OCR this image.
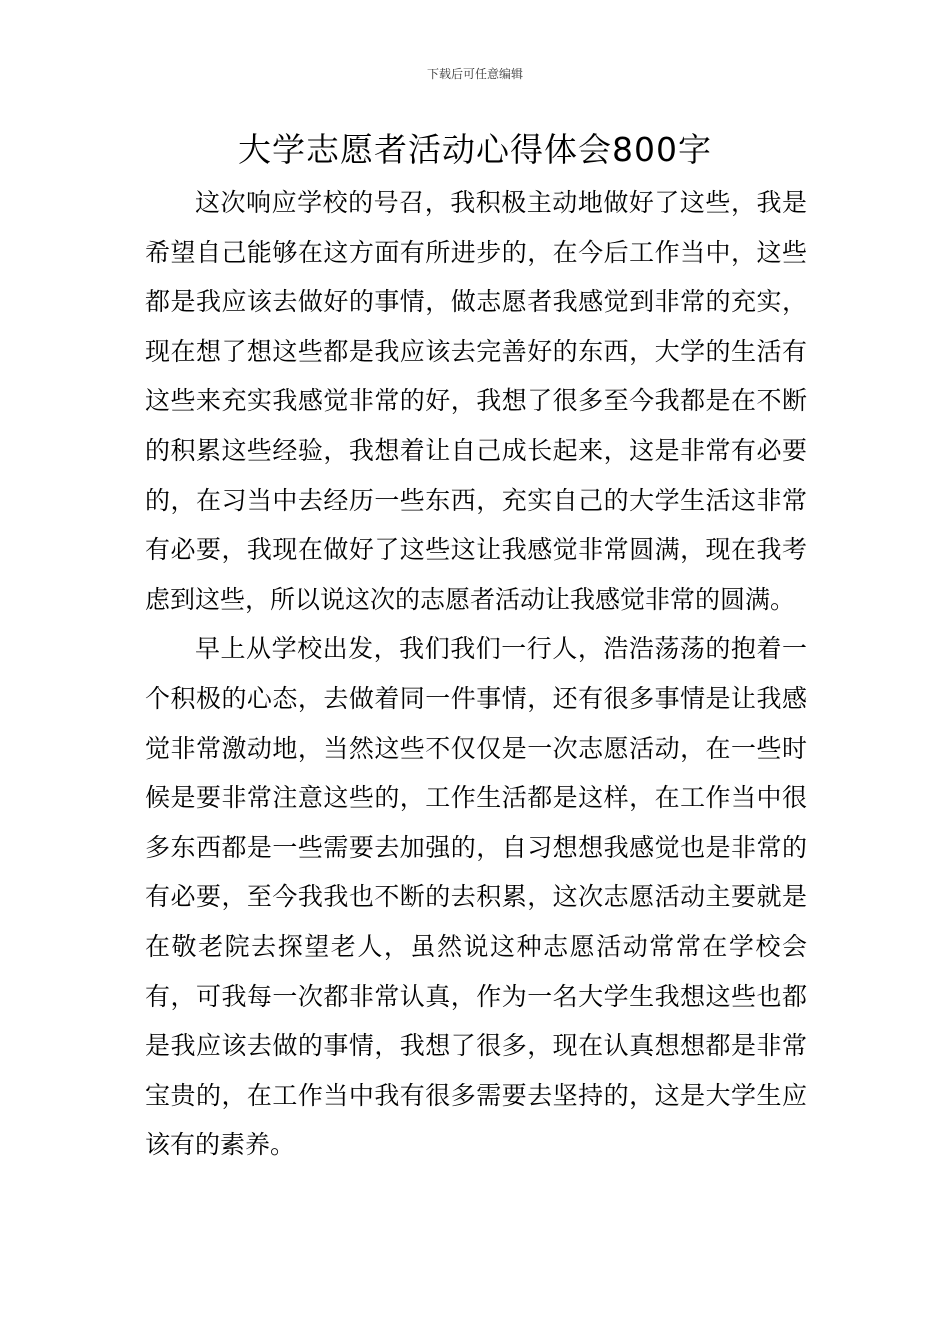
下载后可任意编辑
大学志愿者活动心得体会800字

这次响应学校的号召，我积极主动地做好了这些，我是希望自己能够在这方面有所进步的，在今后工作当中，这些都是我应该去做好的事情，做志愿者我感觉到非常的充实，现在想了想这些都是我应该去完善好的东西，大学的生活有这些来充实我感觉非常的好，我想了很多至今我都是在不断的积累这些经验，我想着让自己成长起来，这是非常有必要的，在习当中去经历一些东西，充实自己的大学生活这非常有必要，我现在做好了这些这让我感觉非常圆满，现在我考虑到这些，所以说这次的志愿者活动让我感觉非常的圆满。

早上从学校出发，我们我们一行人，浩浩荡荡的抱着一个积极的心态，去做着同一件事情，还有很多事情是让我感觉非常激动地，当然这些不仅仅是一次志愿活动，在一些时候是要非常注意这些的，工作生活都是这样，在工作当中很多东西都是一些需要去加强的，自习想想我感觉也是非常的有必要，至今我我也不断的去积累，这次志愿活动主要就是在敬老院去探望老人，虽然说这种志愿活动常常在学校会有，可我每一次都非常认真，作为一名大学生我想这些也都是我应该去做的事情，我想了很多，现在认真想想都是非常宝贵的，在工作当中我有很多需要去坚持的，这是大学生应该有的素养。
